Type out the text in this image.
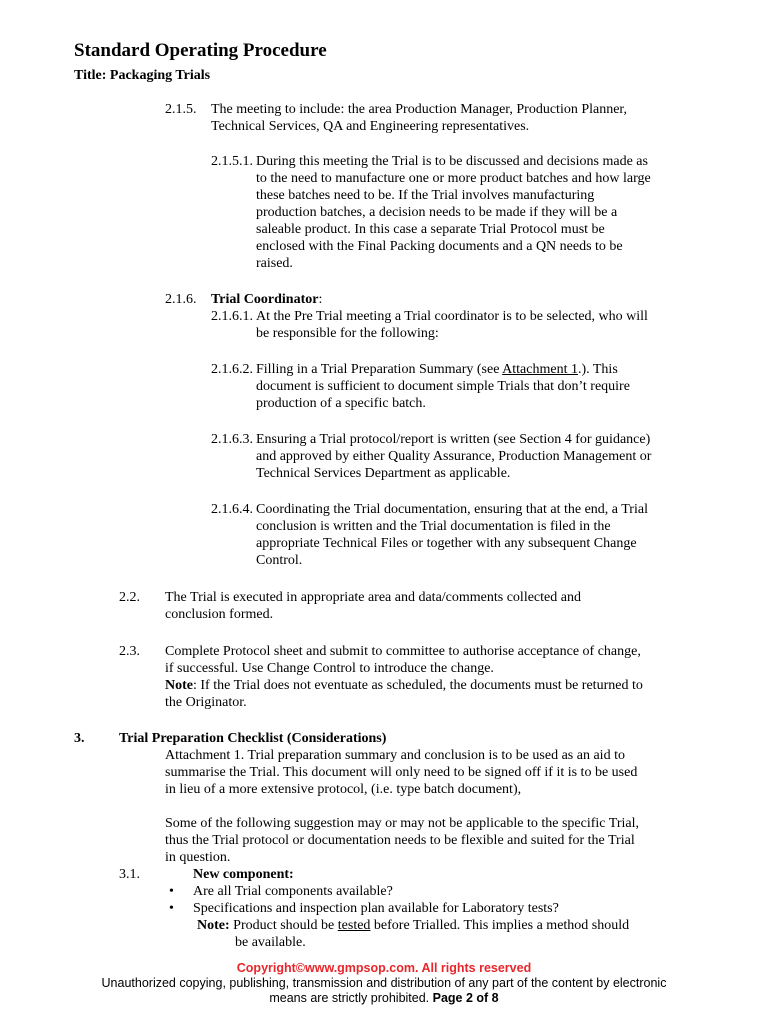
Standard Operating Procedure
Title: Packaging Trials
2.1.5. The meeting to include: the area Production Manager, Production Planner,
Technical Services, QA and Engineering representatives.
2.1.5.1. During this meeting the Trial is to be discussed and decisions made as
to the need to manufacture one or more product batches and how large
these batches need to be. If the Trial involves manufacturing
production batches, a decision needs to be made if they will be a
saleable product. In this case a separate Trial Protocol must be
enclosed with the Final Packing documents and a QN needs to be
raised.
2.1.6. Trial Coordinator:
2.1.6.1. At the Pre Trial meeting a Trial coordinator is to be selected, who will
be responsible for the following:
2.1.6.2. Filling in a Trial Preparation Summary (see Attachment 1.). This
document is sufficient to document simple Trials that don’t require
production of a specific batch.
2.1.6.3. Ensuring a Trial protocol/report is written (see Section 4 for guidance)
and approved by either Quality Assurance, Production Management or
Technical Services Department as applicable.
2.1.6.4. Coordinating the Trial documentation, ensuring that at the end, a Trial
conclusion is written and the Trial documentation is filed in the
appropriate Technical Files or together with any subsequent Change
Control.
2.2. The Trial is executed in appropriate area and data/comments collected and
conclusion formed.
2.3. Complete Protocol sheet and submit to committee to authorise acceptance of change,
if successful. Use Change Control to introduce the change.
Note: If the Trial does not eventuate as scheduled, the documents must be returned to
the Originator.
3. Trial Preparation Checklist (Considerations)
Attachment 1. Trial preparation summary and conclusion is to be used as an aid to
summarise the Trial. This document will only need to be signed off if it is to be used
in lieu of a more extensive protocol, (i.e. type batch document),
Some of the following suggestion may or may not be applicable to the specific Trial,
thus the Trial protocol or documentation needs to be flexible and suited for the Trial
in question.
3.1.	New component:
• Are all Trial components available?
• Specifications and inspection plan available for Laboratory tests?
Note: Product should be tested before Trialled. This implies a method should
be available.
Copyright©www.gmpsop.com. All rights reserved
Unauthorized copying, publishing, transmission and distribution of any part of the content by electronic
means are strictly prohibited. Page 2 of 8
